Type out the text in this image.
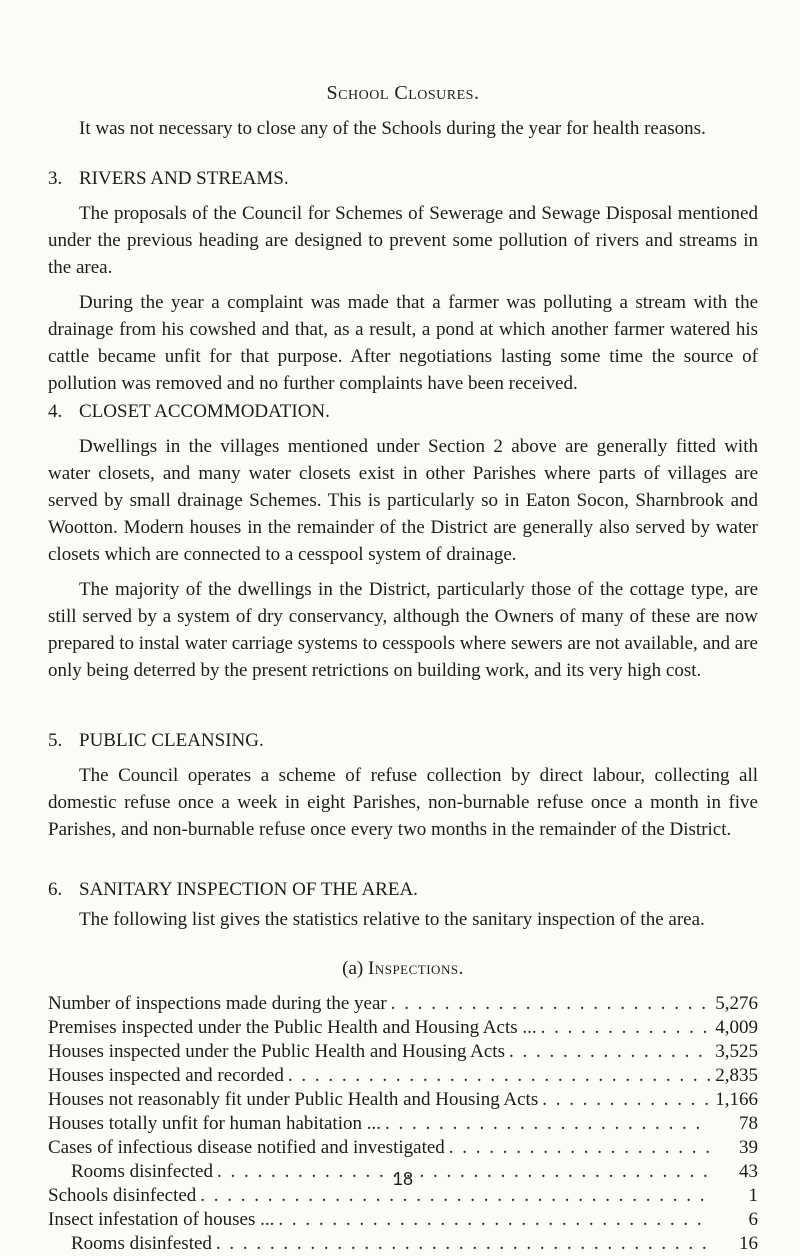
School Closures.

It was not necessary to close any of the Schools during the year for health reasons.

3. RIVERS AND STREAMS.

The proposals of the Council for Schemes of Sewerage and Sewage Disposal mentioned under the previous heading are designed to prevent some pollution of rivers and streams in the area.

During the year a complaint was made that a farmer was polluting a stream with the drainage from his cowshed and that, as a result, a pond at which another farmer watered his cattle became unfit for that purpose. After negotiations lasting some time the source of pollution was removed and no further complaints have been received.

4. CLOSET ACCOMMODATION.

Dwellings in the villages mentioned under Section 2 above are generally fitted with water closets, and many water closets exist in other Parishes where parts of villages are served by small drainage Schemes. This is particularly so in Eaton Socon, Sharnbrook and Wootton. Modern houses in the remainder of the District are generally also served by water closets which are connected to a cesspool system of drainage.

The majority of the dwellings in the District, particularly those of the cottage type, are still served by a system of dry conservancy, although the Owners of many of these are now prepared to instal water carriage systems to cesspools where sewers are not available, and are only being deterred by the present retrictions on building work, and its very high cost.

5. PUBLIC CLEANSING.

The Council operates a scheme of refuse collection by direct labour, collecting all domestic refuse once a week in eight Parishes, non-burnable refuse once a month in five Parishes, and non-burnable refuse once every two months in the remainder of the District.

6. SANITARY INSPECTION OF THE AREA.

The following list gives the statistics relative to the sanitary inspection of the area.

(a) Inspections.
Number of inspections made during the year . . .	5,276
Premises inspected under the Public Health and Housing Acts ... . . .	4,009
Houses inspected under the Public Health and Housing Acts . . .	3,525
Houses inspected and recorded . . .	2,835
Houses not reasonably fit under Public Health and Housing Acts . . .	1,166
Houses totally unfit for human habitation ... . . .	78
Cases of infectious disease notified and investigated . . .	39
Rooms disinfected . . .	43
Schools disinfected . . .	1
Insect infestation of houses ... . . .	6
Rooms disinfested . . .	16
18
